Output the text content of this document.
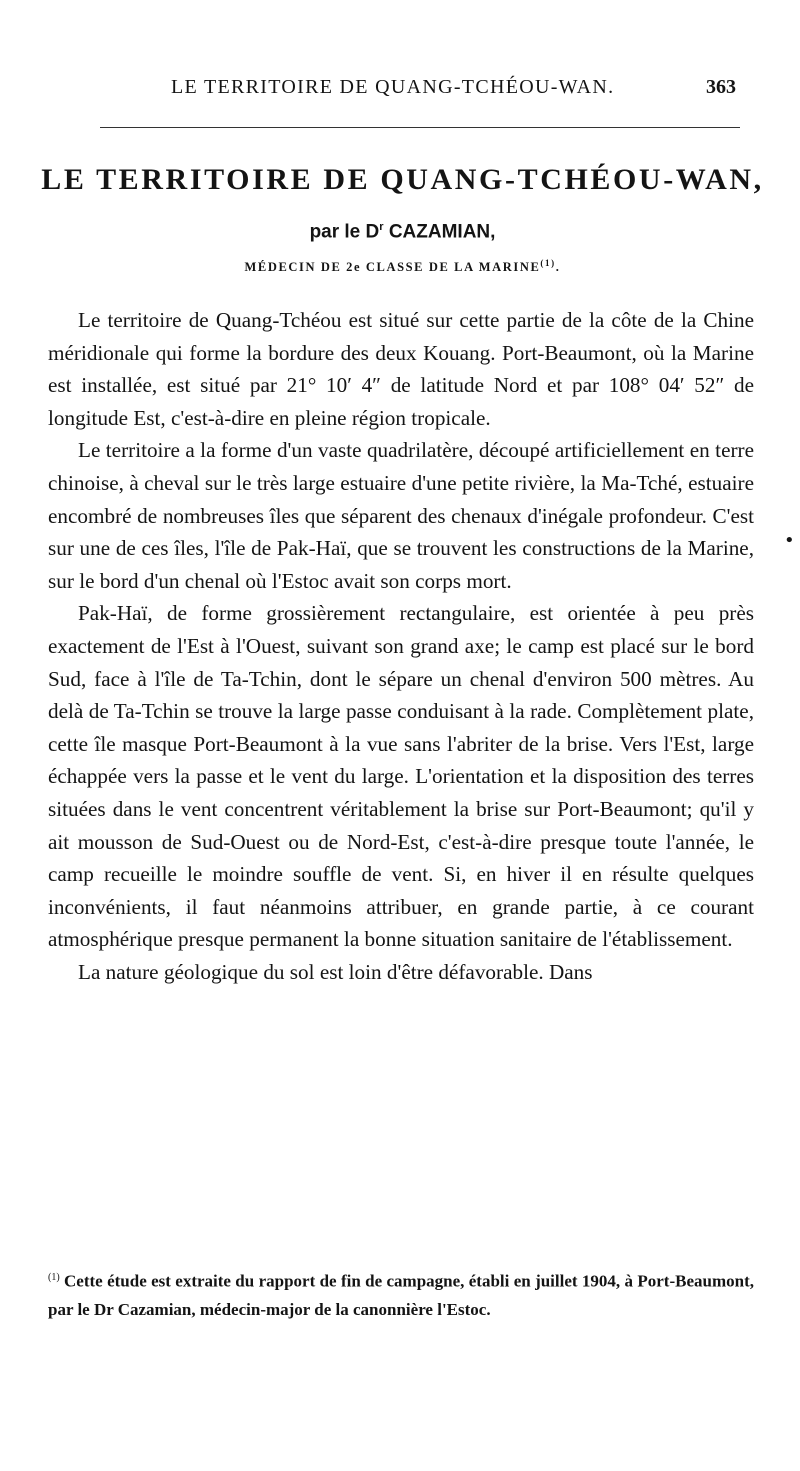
LE TERRITOIRE DE QUANG-TCHÉOU-WAN.	363
LE TERRITOIRE DE QUANG-TCHÉOU-WAN,
par le $D^r$ CAZAMIAN,
MÉDECIN DE 2e CLASSE DE LA MARINE$^{(1)}$.

Le territoire de Quang-Tchéou est situé sur cette partie de la côte de la Chine méridionale qui forme la bordure des deux Kouang. Port-Beaumont, où la Marine est installée, est situé par 21° 10′ 4″ de latitude Nord et par 108° 04′ 52″ de longitude Est, c'est-à-dire en pleine région tropicale.

Le territoire a la forme d'un vaste quadrilatère, découpé artificiellement en terre chinoise, à cheval sur le très large estuaire d'une petite rivière, la Ma-Tché, estuaire encombré de nombreuses îles que séparent des chenaux d'inégale profondeur. C'est sur une de ces îles, l'île de Pak-Haï, que se trouvent les constructions de la Marine, sur le bord d'un chenal où l'Estoc avait son corps mort.

Pak-Haï, de forme grossièrement rectangulaire, est orientée à peu près exactement de l'Est à l'Ouest, suivant son grand axe; le camp est placé sur le bord Sud, face à l'île de Ta-Tchin, dont le sépare un chenal d'environ 500 mètres. Au delà de Ta-Tchin se trouve la large passe conduisant à la rade. Complètement plate, cette île masque Port-Beaumont à la vue sans l'abriter de la brise. Vers l'Est, large échappée vers la passe et le vent du large. L'orientation et la disposition des terres situées dans le vent concentrent véritablement la brise sur Port-Beaumont; qu'il y ait mousson de Sud-Ouest ou de Nord-Est, c'est-à-dire presque toute l'année, le camp recueille le moindre souffle de vent. Si, en hiver il en résulte quelques inconvénients, il faut néanmoins attribuer, en grande partie, à ce courant atmosphérique presque permanent la bonne situation sanitaire de l'établissement.

La nature géologique du sol est loin d'être défavorable. Dans

$^{(1)}$ Cette étude est extraite du rapport de fin de campagne, établi en juillet 1904, à Port-Beaumont, par le Dr Cazamian, médecin-major de la canonnière l'Estoc.
•
